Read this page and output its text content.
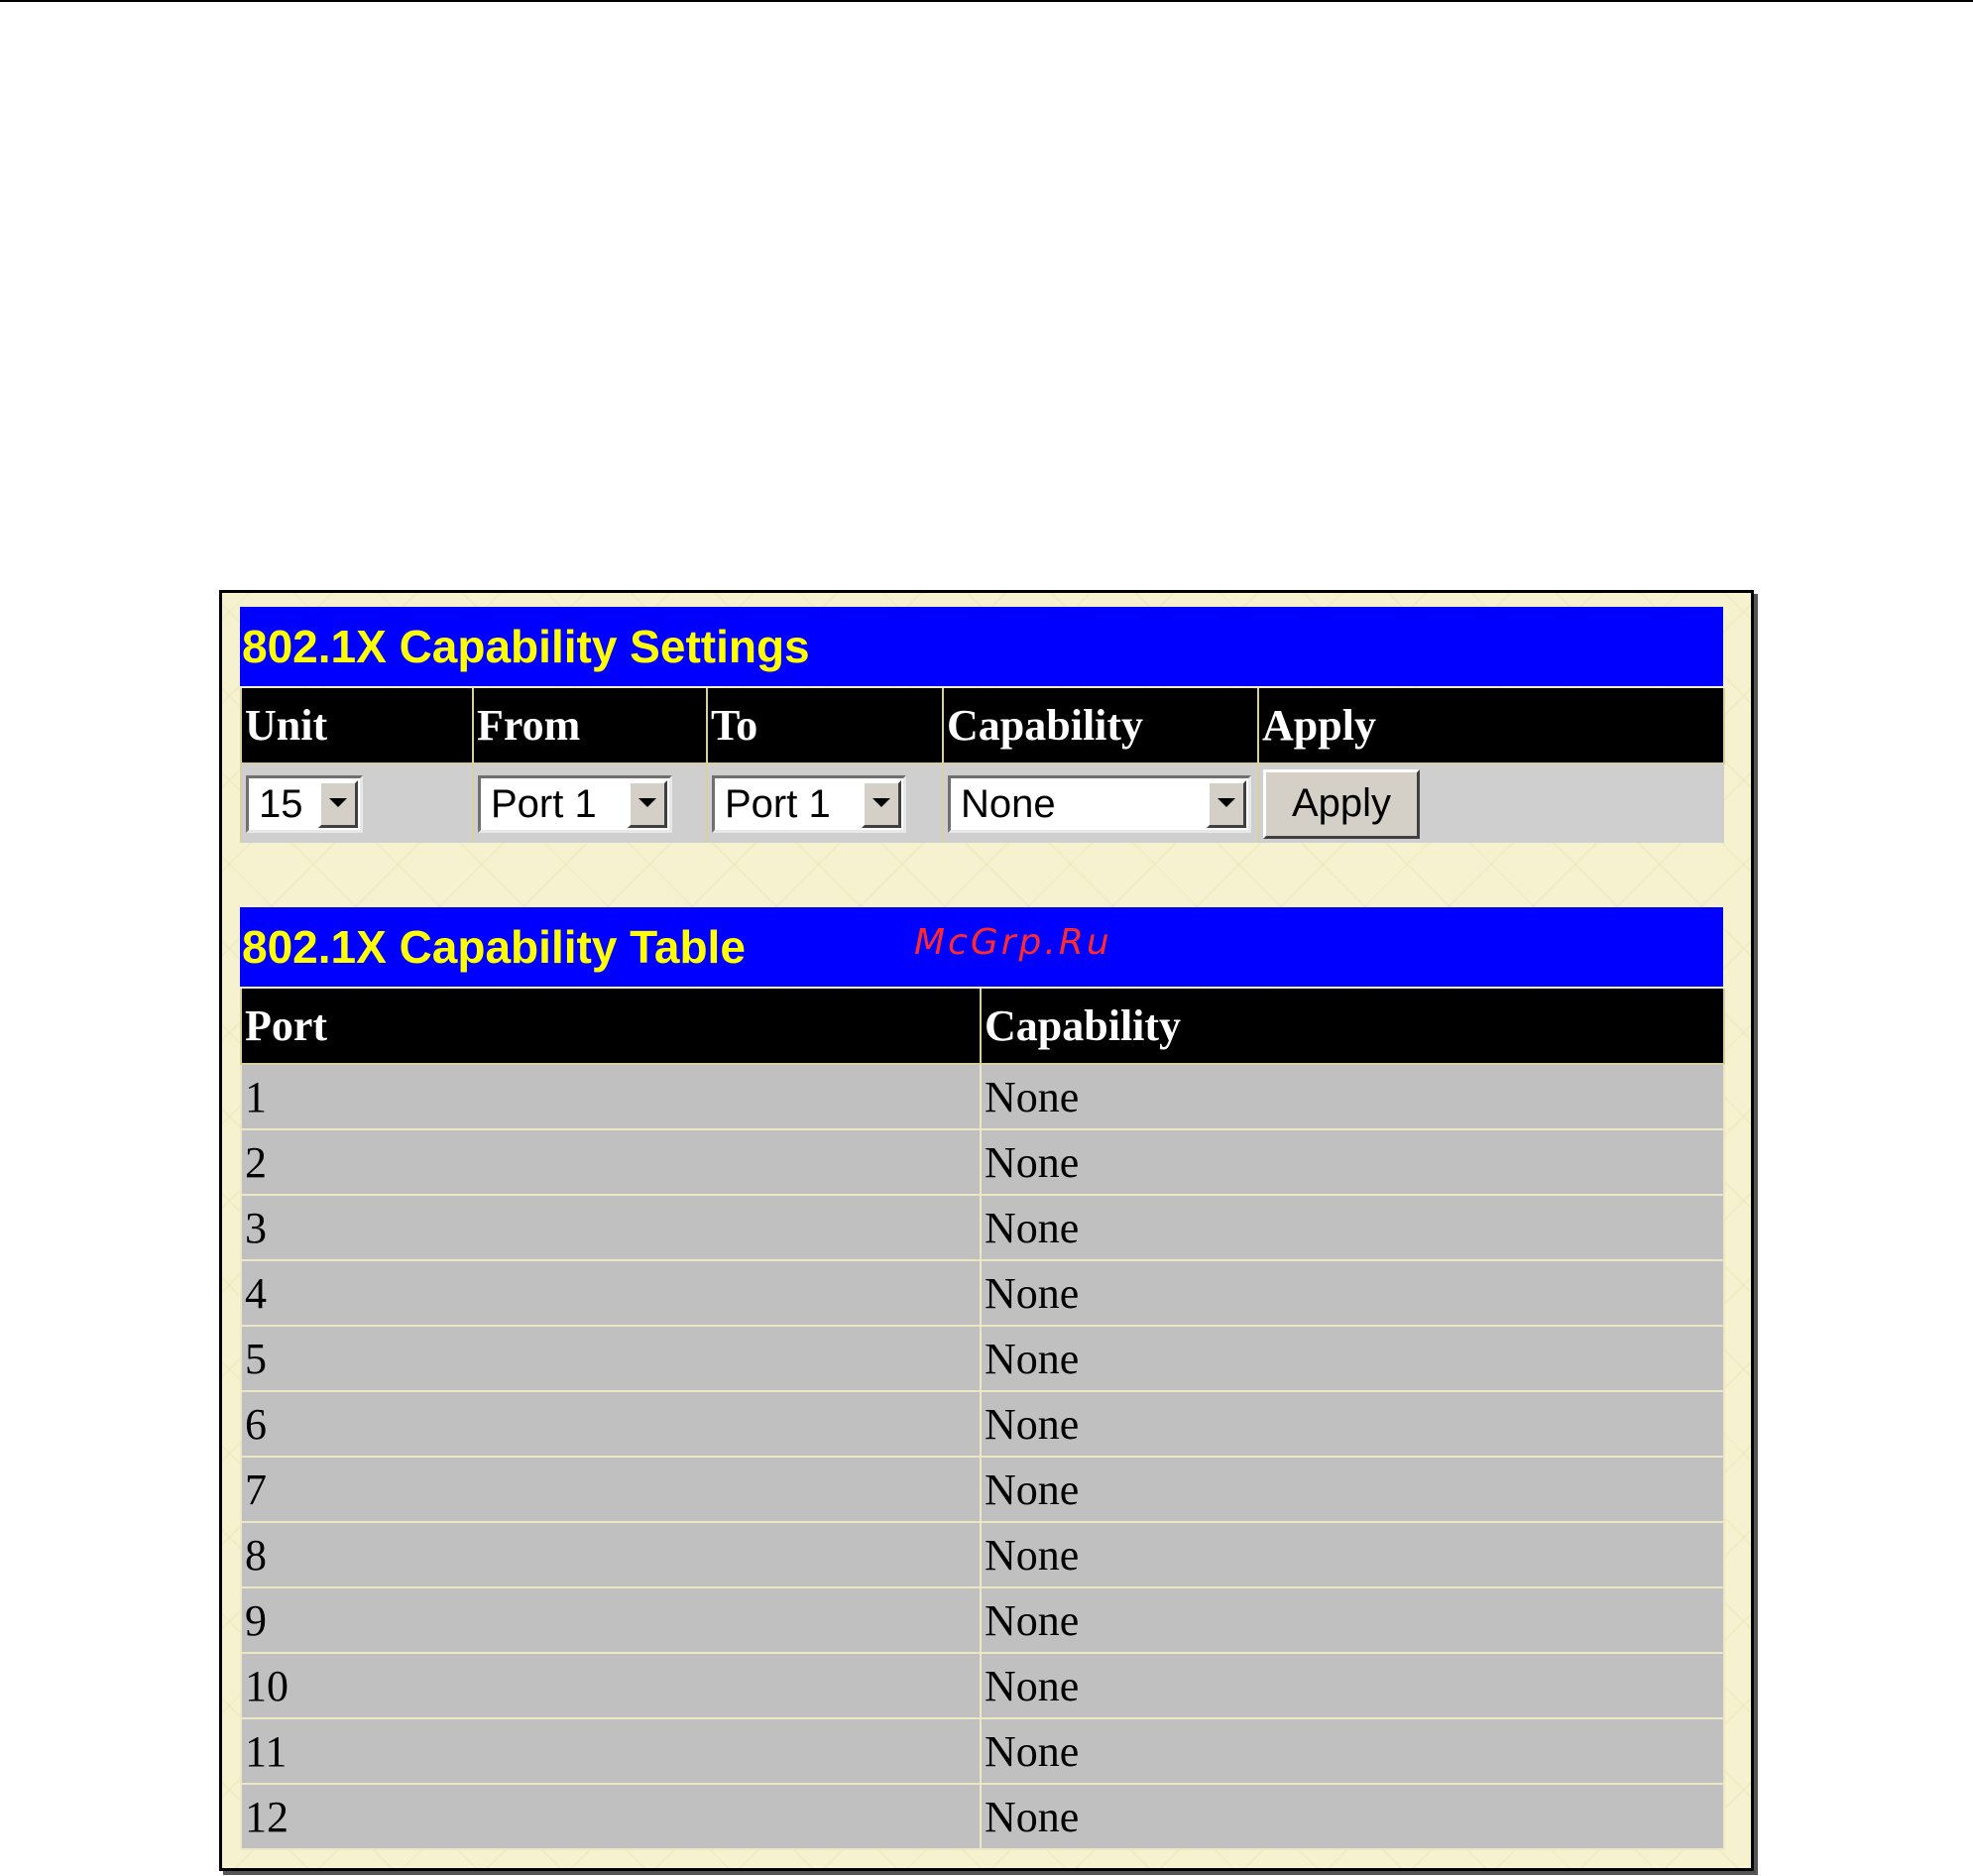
802.1X Capability Settings
Unit	From	To	Capability	Apply

15	Port 1	Port 1	None	Apply
802.1X Capability Table	McGrp.Ru
Port	Capability
1	None
2	None
3	None
4	None
5	None
6	None
7	None
8	None
9	None
10	None
11	None
12	None
